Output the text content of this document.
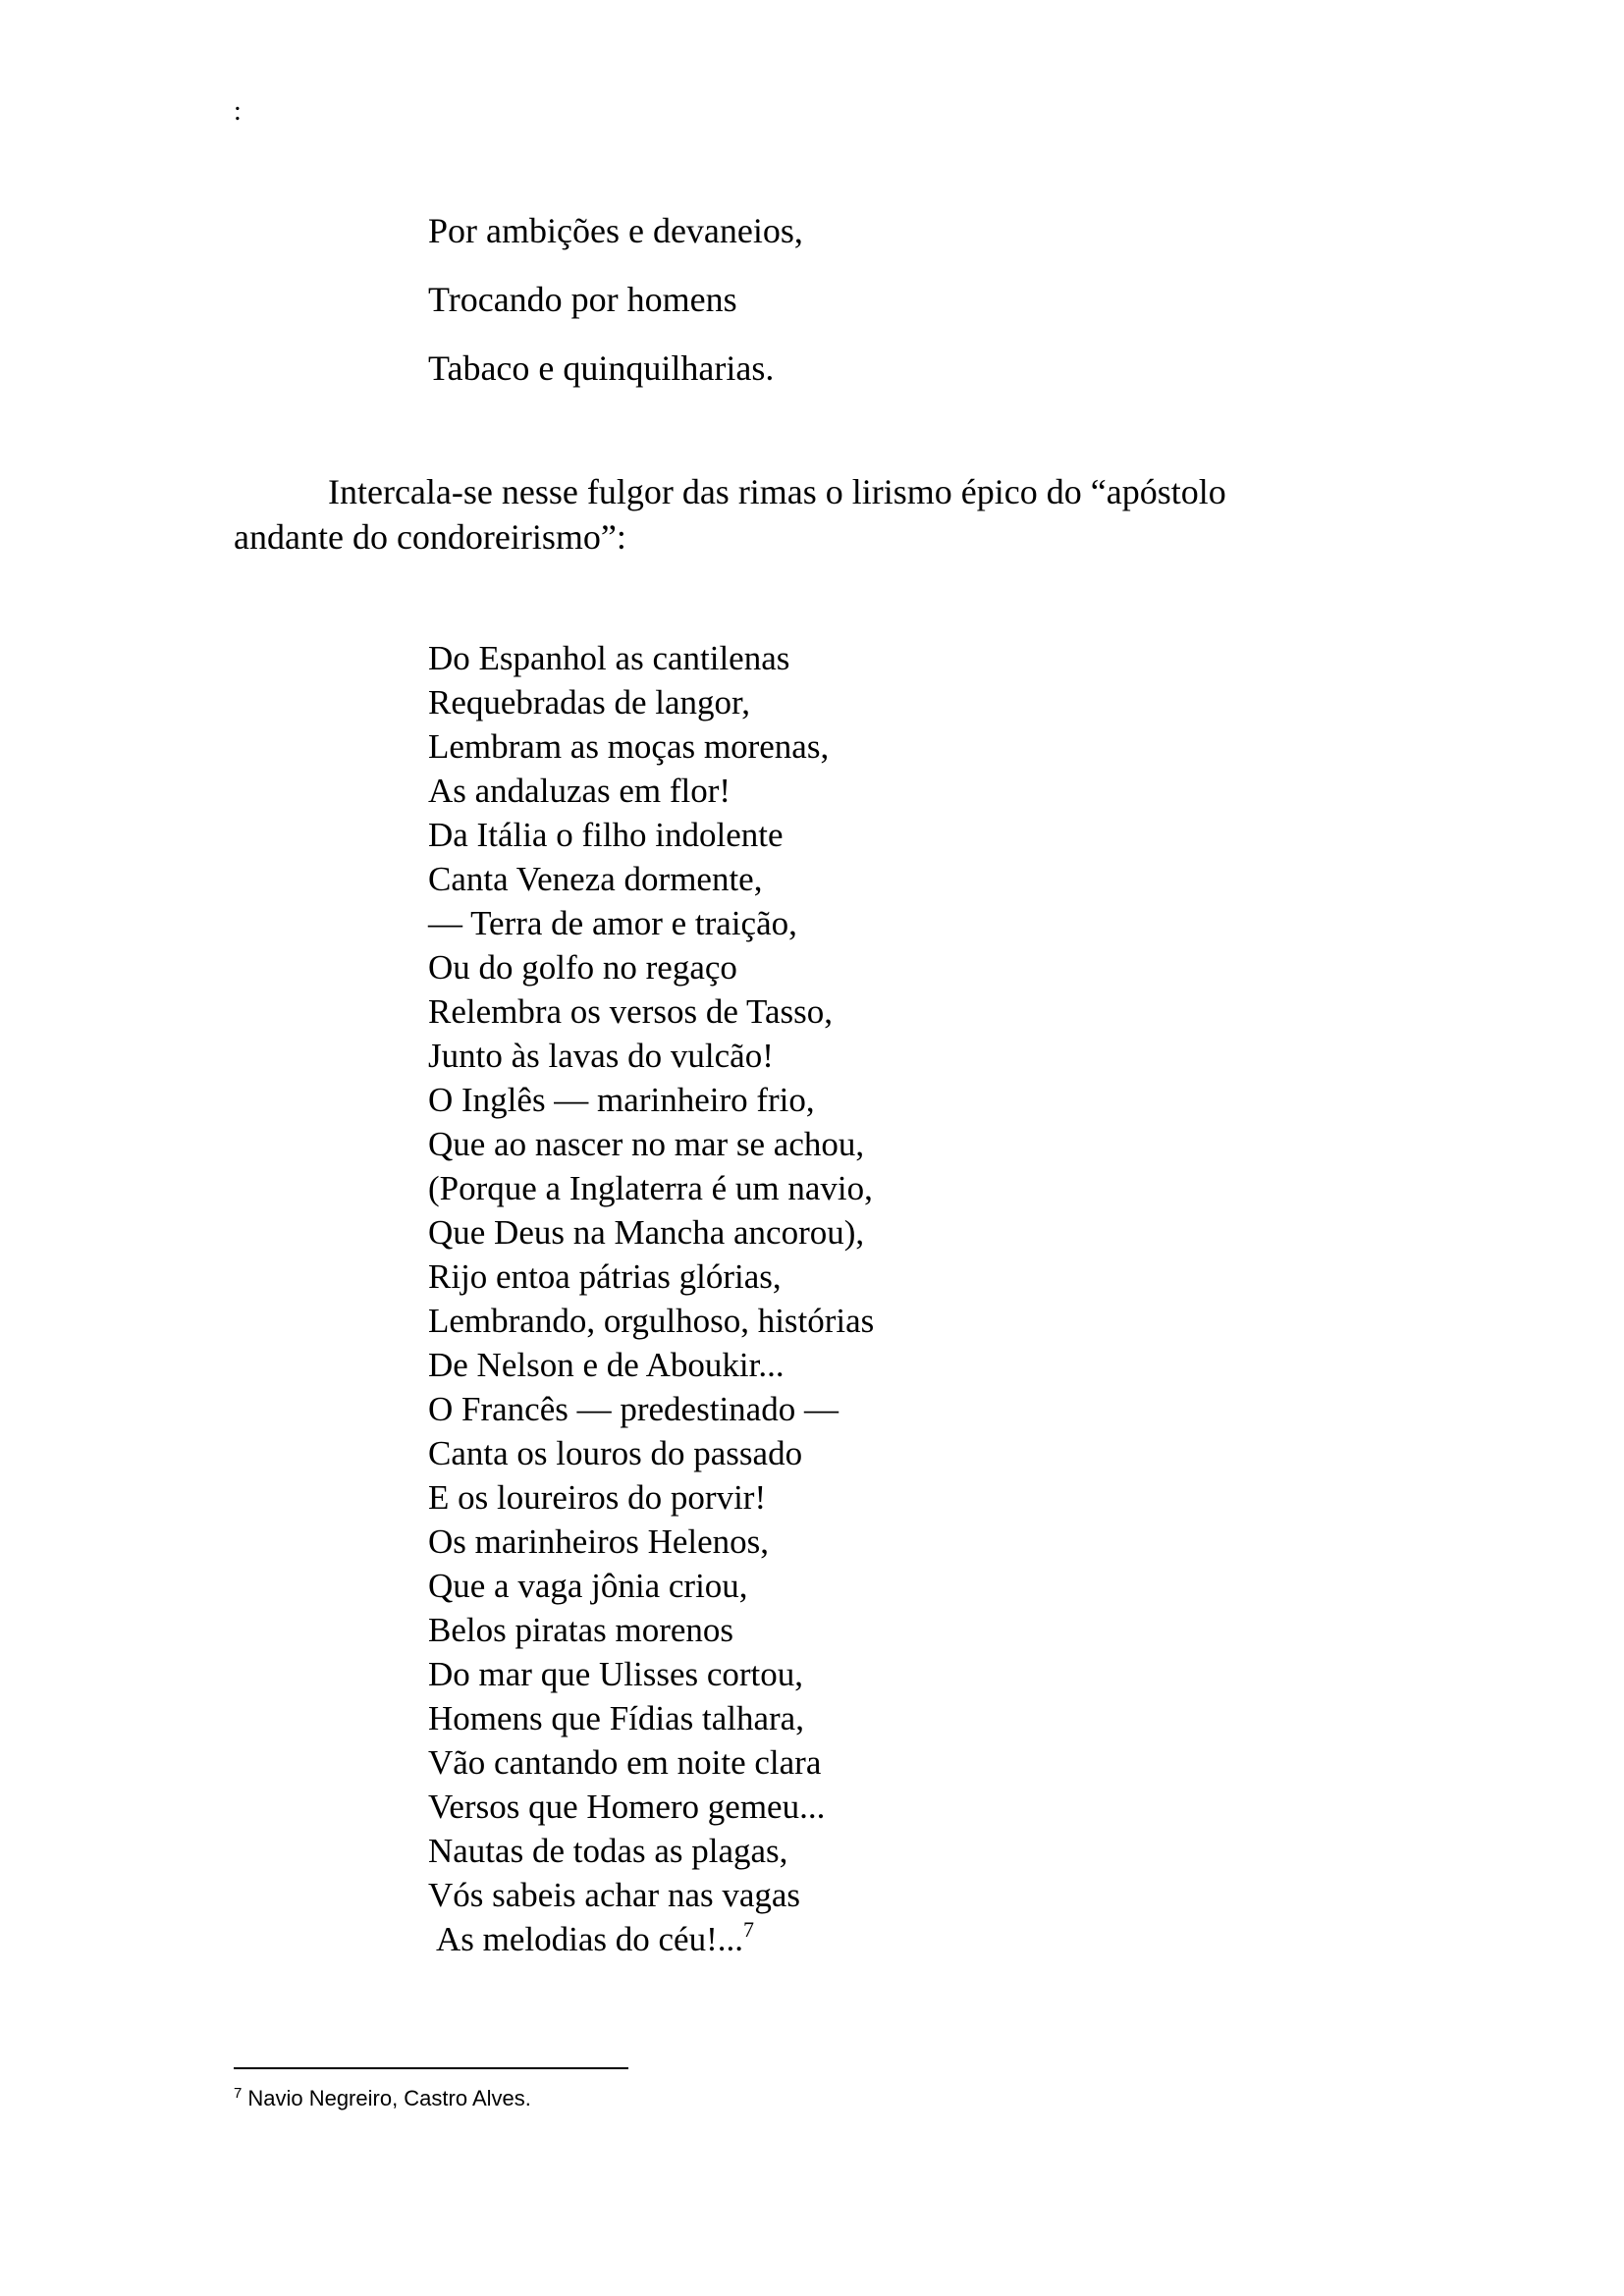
:
Por ambições e devaneios,
Trocando por homens
Tabaco e quinquilharias.
Intercala-se nesse fulgor das rimas o lirismo épico do “apóstolo
andante do condoreirismo”:
Do Espanhol as cantilenas
Requebradas de langor,
Lembram as moças morenas,
As andaluzas em flor!
Da Itália o filho indolente
Canta Veneza dormente,
— Terra de amor e traição,
Ou do golfo no regaço
Relembra os versos de Tasso,
Junto às lavas do vulcão!
O Inglês — marinheiro frio,
Que ao nascer no mar se achou,
(Porque a Inglaterra é um navio,
Que Deus na Mancha ancorou),
Rijo entoa pátrias glórias,
Lembrando, orgulhoso, histórias
De Nelson e de Aboukir...
O Francês — predestinado —
Canta os louros do passado
E os loureiros do porvir!
Os marinheiros Helenos,
Que a vaga jônia criou,
Belos piratas morenos
Do mar que Ulisses cortou,
Homens que Fídias talhara,
Vão cantando em noite clara
Versos que Homero gemeu...
Nautas de todas as plagas,
Vós sabeis achar nas vagas
As melodias do céu!...$^7$
$^7$ Navio Negreiro, Castro Alves.
